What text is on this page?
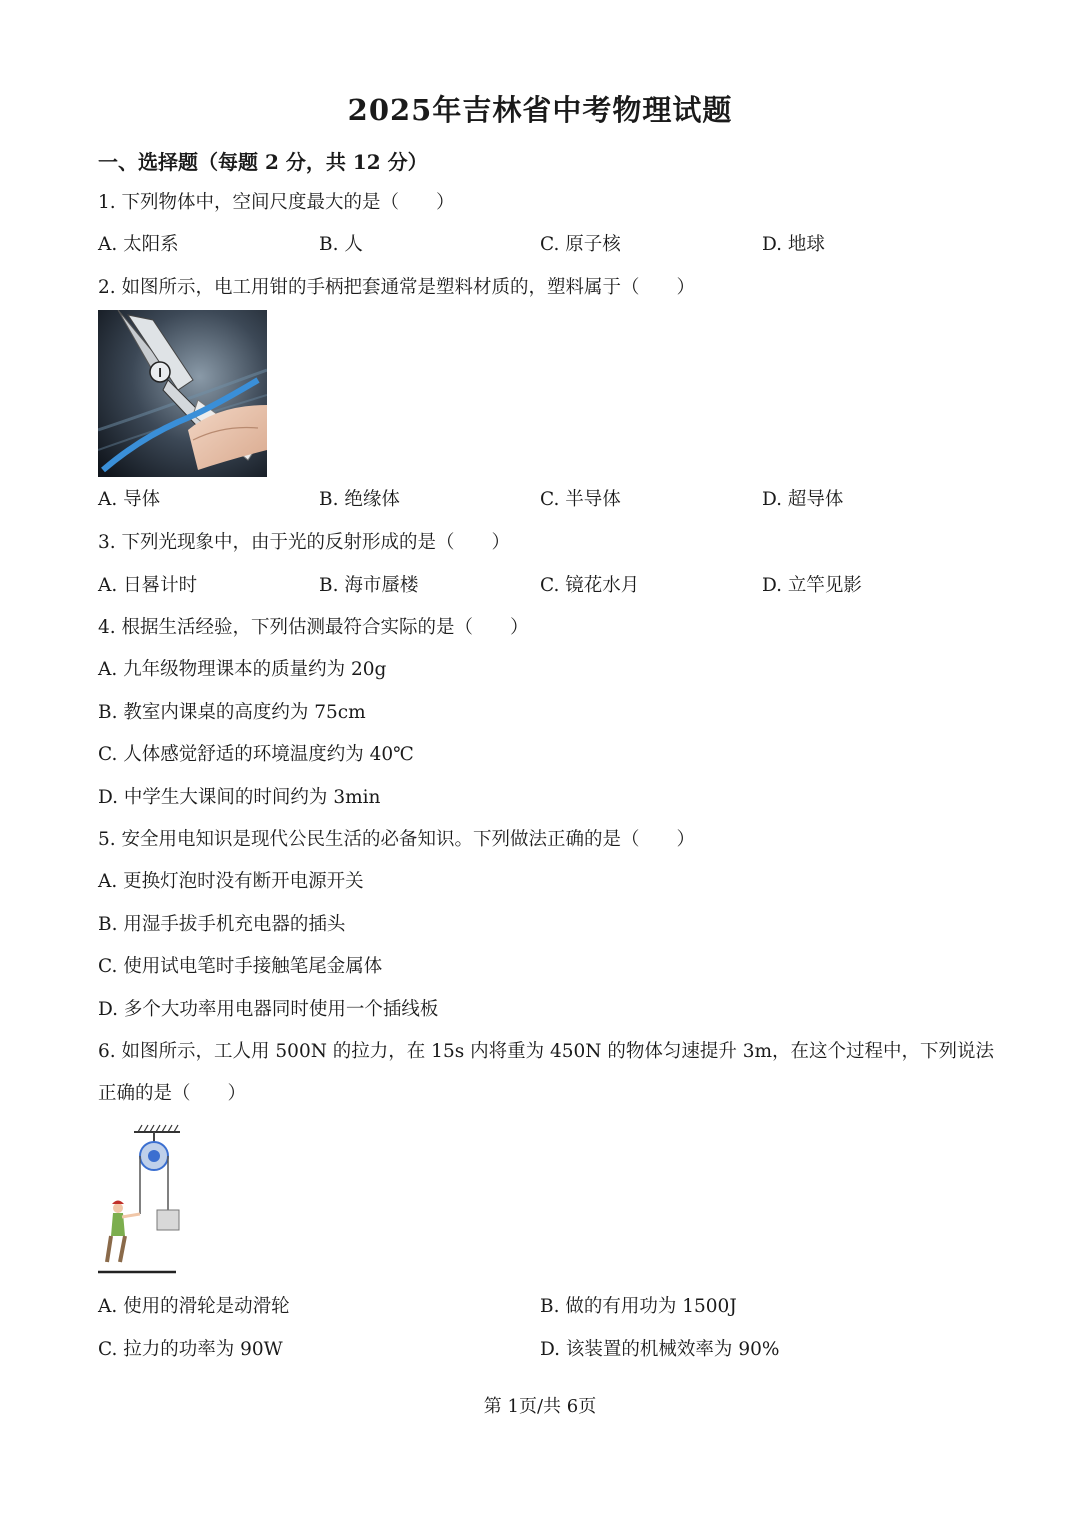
2025年吉林省中考物理试题
一、选择题（每题 2 分，共 12 分）
1. 下列物体中，空间尺度最大的是（　　）
A. 太阳系	B. 人	C. 原子核	D. 地球
2. 如图所示，电工用钳的手柄把套通常是塑料材质的，塑料属于（　　）
I
A. 导体	B. 绝缘体	C. 半导体	D. 超导体
3. 下列光现象中，由于光的反射形成的是（　　）
A. 日晷计时	B. 海市蜃楼	C. 镜花水月	D. 立竿见影
4. 根据生活经验，下列估测最符合实际的是（　　）
A. 九年级物理课本的质量约为 20g
B. 教室内课桌的高度约为 75cm
C. 人体感觉舒适的环境温度约为 40℃
D. 中学生大课间的时间约为 3min
5. 安全用电知识是现代公民生活的必备知识。下列做法正确的是（　　）
A. 更换灯泡时没有断开电源开关
B. 用湿手拔手机充电器的插头
C. 使用试电笔时手接触笔尾金属体
D. 多个大功率用电器同时使用一个插线板
6. 如图所示，工人用 500N 的拉力，在 15s 内将重为 450N 的物体匀速提升 3m，在这个过程中，下列说法
正确的是（　　）
A. 使用的滑轮是动滑轮	B. 做的有用功为 1500J
C. 拉力的功率为 90W	D. 该装置的机械效率为 90%
第 1页/共 6页
